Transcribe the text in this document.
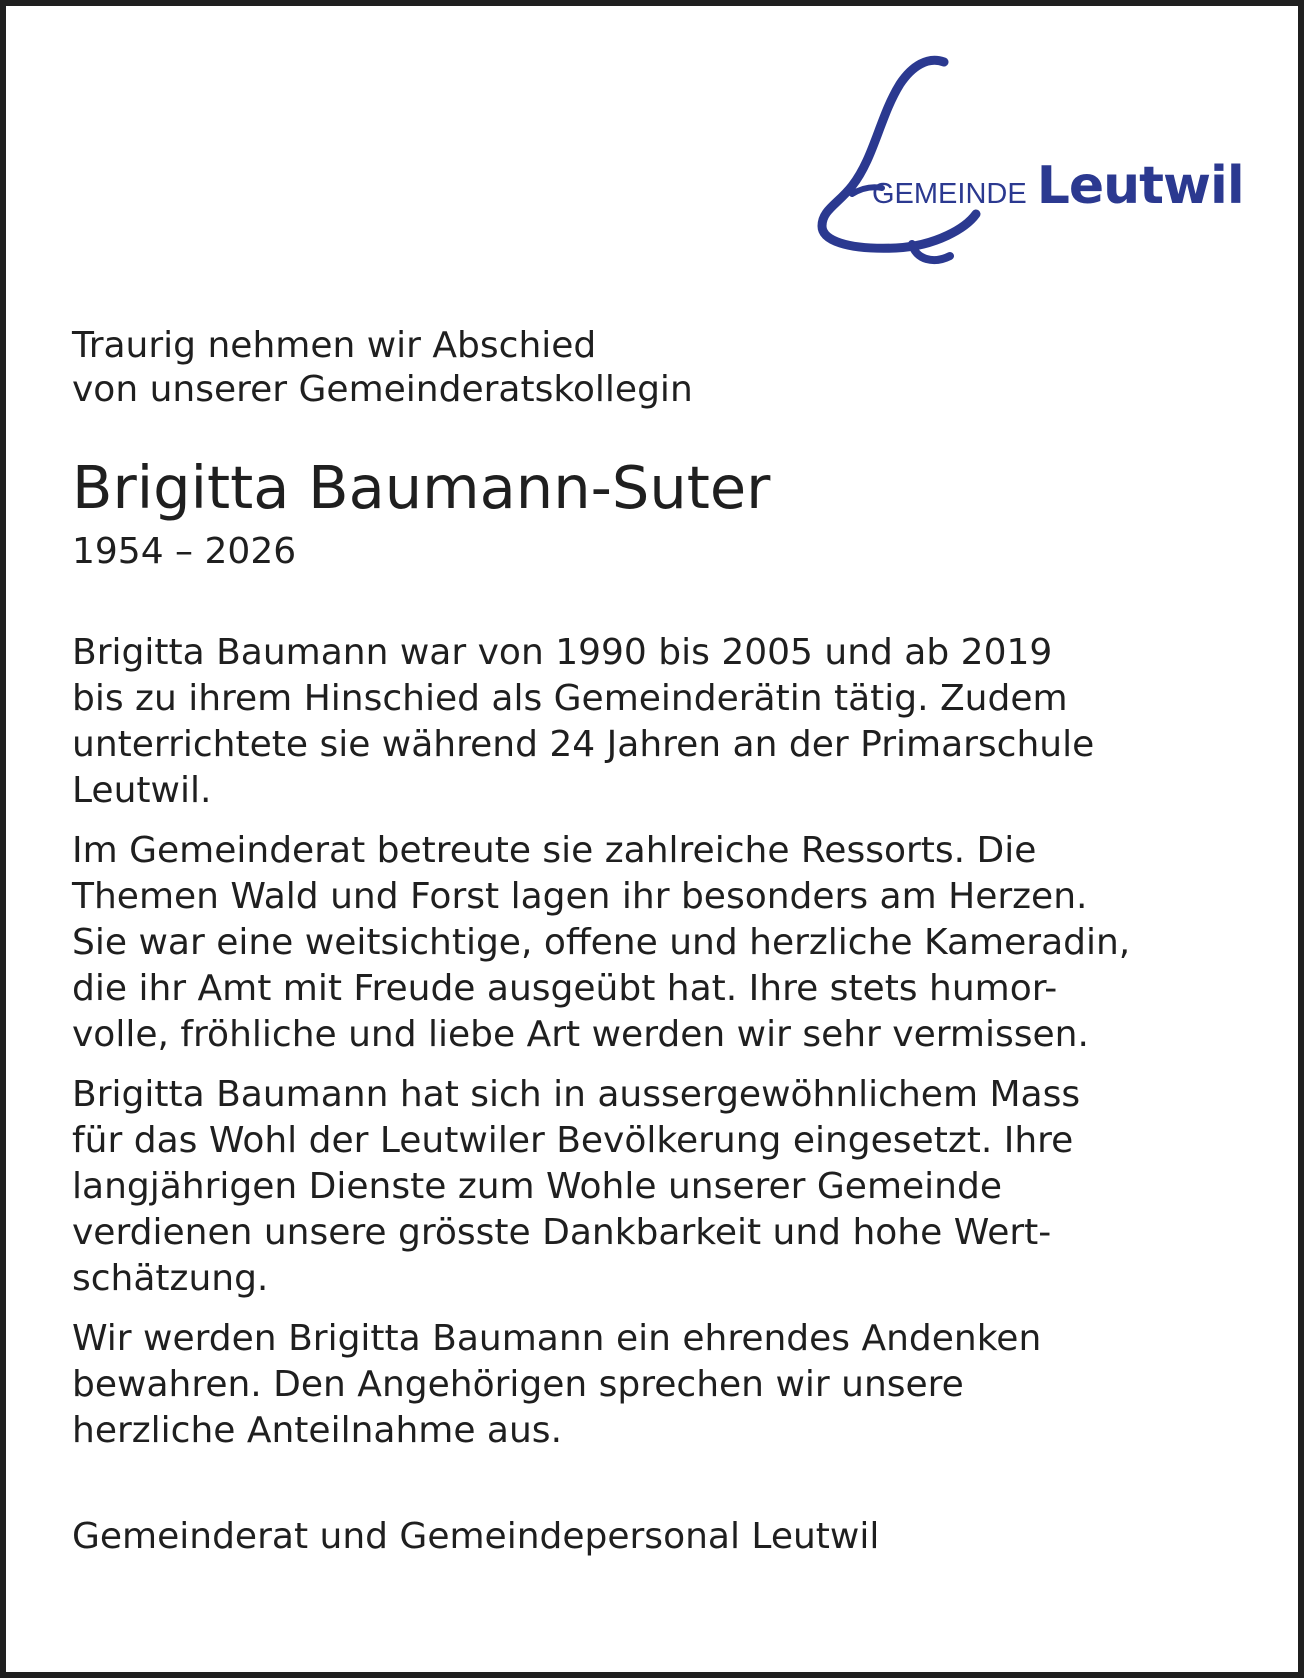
GEMEINDE Leutwil

Traurig nehmen wir Abschied
von unserer Gemeinderatskollegin

Brigitta Baumann-Suter

1954 – 2026

Brigitta Baumann war von 1990 bis 2005 und ab 2019
bis zu ihrem Hinschied als Gemeinderätin tätig. Zudem
unterrichtete sie während 24 Jahren an der Primarschule
Leutwil.

Im Gemeinderat betreute sie zahlreiche Ressorts. Die
Themen Wald und Forst lagen ihr besonders am Herzen.
Sie war eine weitsichtige, offene und herzliche Kameradin,
die ihr Amt mit Freude ausgeübt hat. Ihre stets humor-
volle, fröhliche und liebe Art werden wir sehr vermissen.

Brigitta Baumann hat sich in aussergewöhnlichem Mass
für das Wohl der Leutwiler Bevölkerung eingesetzt. Ihre
langjährigen Dienste zum Wohle unserer Gemeinde
verdienen unsere grösste Dankbarkeit und hohe Wert-
schätzung.

Wir werden Brigitta Baumann ein ehrendes Andenken
bewahren. Den Angehörigen sprechen wir unsere
herzliche Anteilnahme aus.

Gemeinderat und Gemeindepersonal Leutwil
